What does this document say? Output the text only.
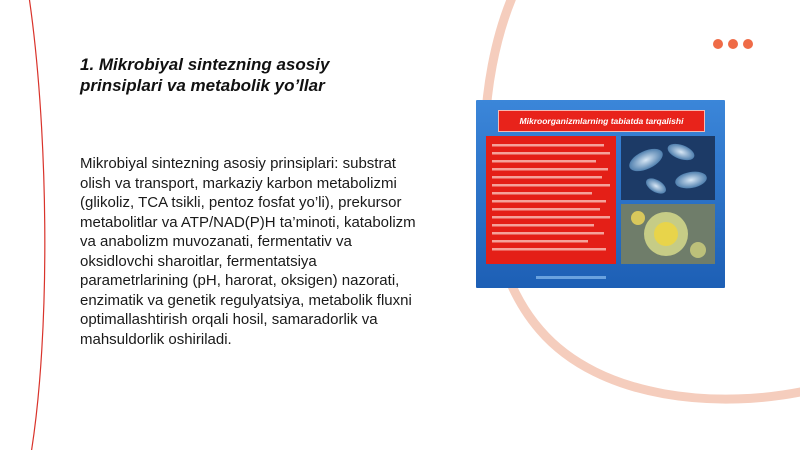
1. Mikrobiyal sintezning asosiy prinsiplari va metabolik yo’llar

Mikrobiyal sintezning asosiy prinsiplari: substrat olish va transport, markaziy karbon metabolizmi (glikoliz, TCA tsikli, pentoz fosfat yo’li), prekursor metabolitlar va ATP/NAD(P)H ta’minoti, katabolizm va anabolizm muvozanati, fermentativ va oksidlovchi sharoitlar, fermentatsiya parametrlarining (pH, harorat, oksigen) nazorati, enzimatik va genetik regulyatsiya, metabolik fluxni optimallashtirish orqali hosil, samaradorlik va mahsuldorlik oshiriladi.

Mikroorganizmlarning tabiatda tarqalishi
